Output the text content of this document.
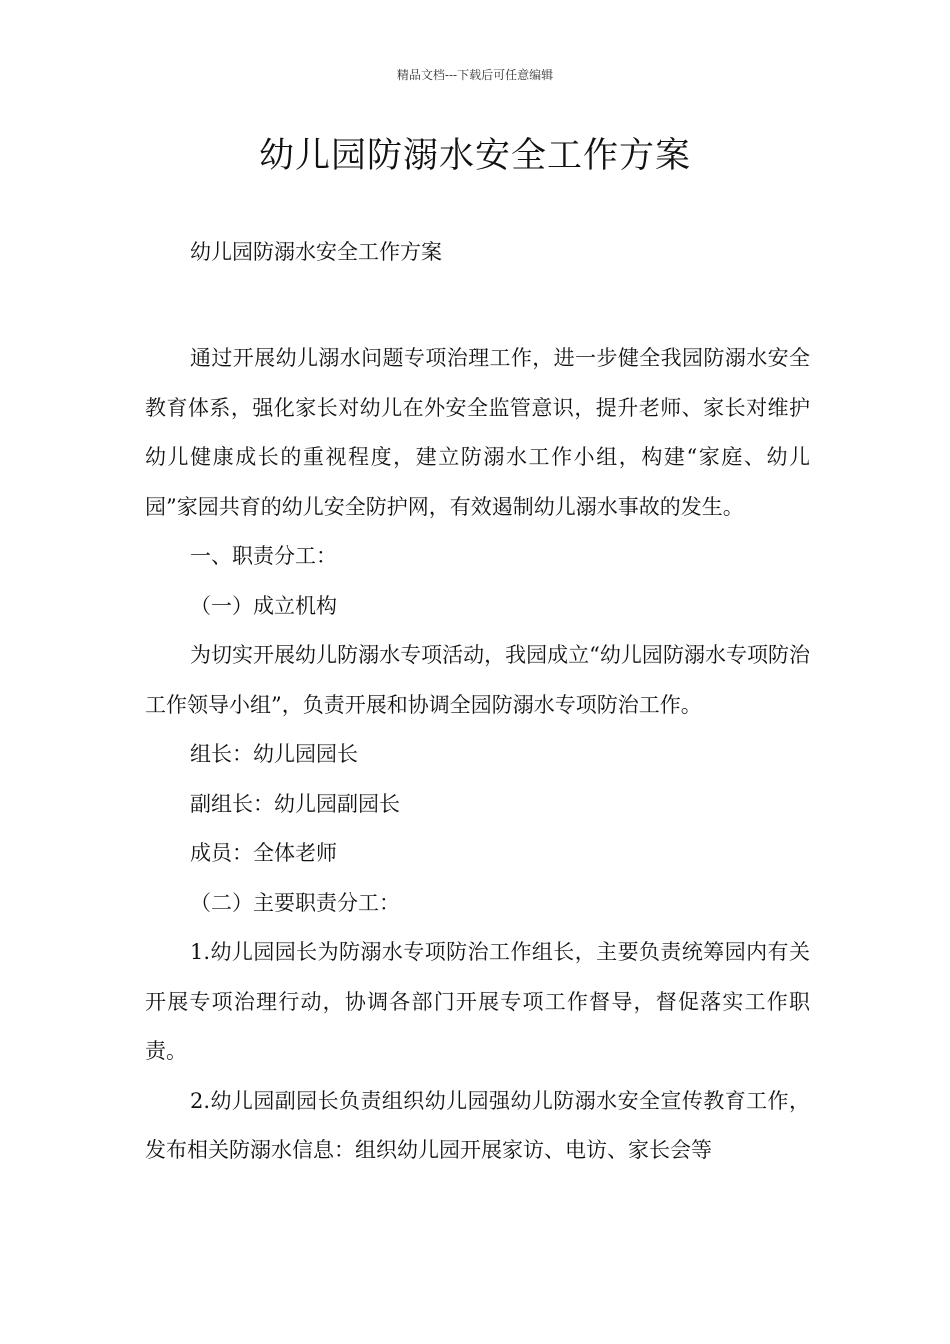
精品文档---下载后可任意编辑
幼儿园防溺水安全工作方案
幼儿园防溺水安全工作方案

通过开展幼儿溺水问题专项治理工作，进一步健全我园防溺水安全教育体系，强化家长对幼儿在外安全监管意识，提升老师、家长对维护幼儿健康成长的重视程度，建立防溺水工作小组，构建“家庭、幼儿园”家园共育的幼儿安全防护网，有效遏制幼儿溺水事故的发生。

一、职责分工：

（一）成立机构

为切实开展幼儿防溺水专项活动，我园成立“幼儿园防溺水专项防治工作领导小组”，负责开展和协调全园防溺水专项防治工作。

组长：幼儿园园长

副组长：幼儿园副园长

成员：全体老师

（二）主要职责分工：

1.幼儿园园长为防溺水专项防治工作组长，主要负责统筹园内有关开展专项治理行动，协调各部门开展专项工作督导，督促落实工作职责。

2.幼儿园副园长负责组织幼儿园强幼儿防溺水安全宣传教育工作，发布相关防溺水信息：组织幼儿园开展家访、电访、家长会等
